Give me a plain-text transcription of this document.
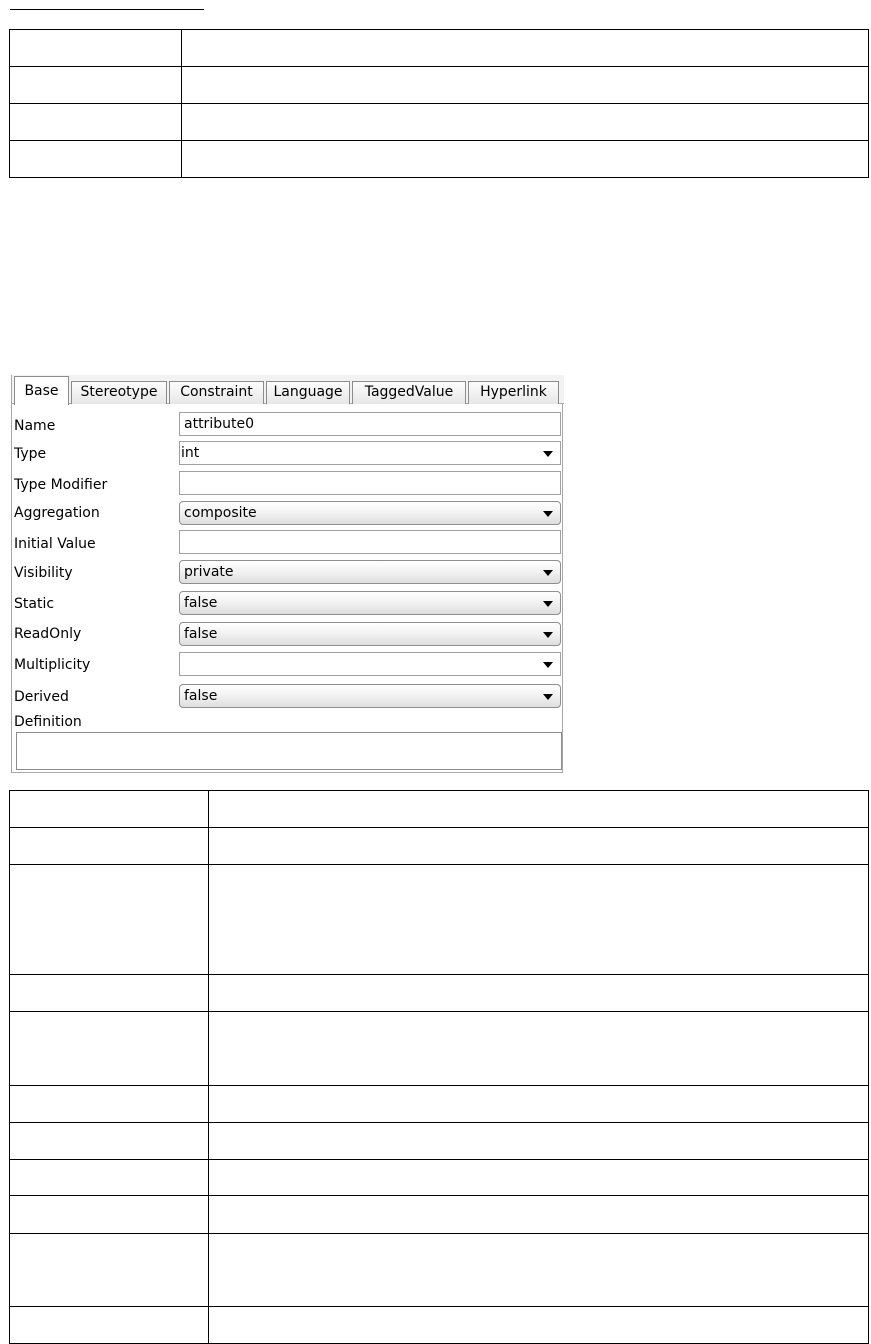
Base	Stereotype	Constraint	Language	TaggedValue	Hyperlink
Name	attribute0
Type	int
Type Modifier
Aggregation	composite
Initial Value
Visibility	private
Static	false
ReadOnly	false
Multiplicity
Derived	false
Definition
